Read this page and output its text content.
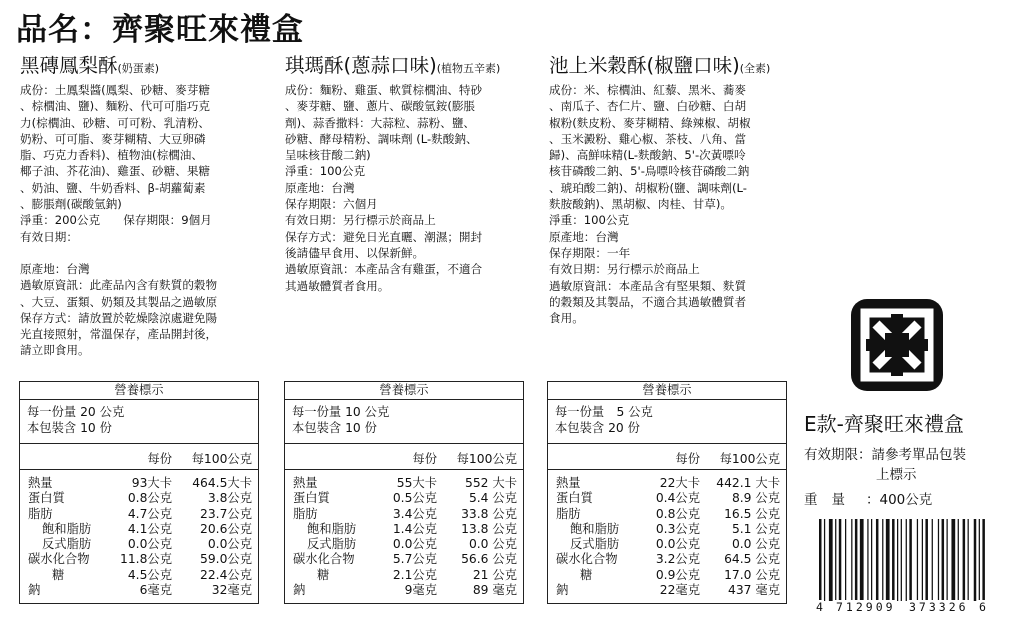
品名：齊聚旺來禮盒
黑磚鳳梨酥(奶蛋素)
成份：土鳳梨醬(鳳梨、砂糖、麥芽糖
、棕櫚油、鹽)、麵粉、代可可脂巧克
力(棕櫚油、砂糖、可可粉、乳清粉、
奶粉、可可脂、麥芽糊精、大豆卵磷
脂、巧克力香料)、植物油(棕櫚油、
椰子油、芥花油)、雞蛋、砂糖、果糖
、奶油、鹽、牛奶香料、β-胡蘿蔔素
、膨脹劑(碳酸氫鈉)
淨重：200公克　　保存期限：9個月
有效日期：
原產地：台灣
過敏原資訊：此產品內含有麩質的穀物
、大豆、蛋類、奶類及其製品之過敏原
保存方式：請放置於乾燥陰涼處避免陽
光直接照射，常溫保存，產品開封後，
請立即食用。
琪瑪酥(蔥蒜口味)(植物五辛素)
成份：麵粉、雞蛋、軟質棕櫚油、特砂
、麥芽糖、鹽、蔥片、碳酸氫銨(膨脹
劑)、蒜香撒料：大蒜粒、蒜粉、鹽、
砂糖、酵母精粉、調味劑 (L-麩酸鈉、
呈味核苷酸二鈉)
淨重：100公克
原產地：台灣
保存期限：六個月
有效日期：另行標示於商品上
保存方式：避免日光直曬、潮濕；開封
後請儘早食用、以保新鮮。
過敏原資訊：本產品含有雞蛋，不適合
其過敏體質者食用。
池上米穀酥(椒鹽口味)(全素)
成份：米、棕櫚油、紅藜、黑米、蕎麥
、南瓜子、杏仁片、鹽、白砂糖、白胡
椒粉(麩皮粉、麥芽糊精、綠辣椒、胡椒
、玉米澱粉、雞心椒、茶枝、八角、當
歸)、高鮮味精(L-麩酸鈉、5'-次黃嘌呤
核苷磷酸二鈉、5'-鳥嘌呤核苷磷酸二鈉
、琥珀酸二鈉)、胡椒粉(鹽、調味劑(L-
麩胺酸鈉)、黑胡椒、肉桂、甘草)。
淨重：100公克
原產地：台灣
保存期限：一年
有效日期：另行標示於商品上
過敏原資訊：本產品含有堅果類、麩質
的穀類及其製品，不適合其過敏體質者
食用。
營養標示
每一份量 20 公克
本包裝含 10 份
每份 每100公克
熱量	93大卡 464.5大卡
蛋白質	0.8公克	3.8公克
脂肪	4.7公克 23.7公克
飽和脂肪	4.1公克 20.6公克
反式脂肪	0.0公克	0.0公克
碳水化合物 11.8公克 59.0公克
糖	4.5公克 22.4公克
鈉	6毫克	32毫克
營養標示
每一份量 10 公克
本包裝含 10 份
每份 每100公克
熱量	55大卡 552 大卡
蛋白質	0.5公克	5.4 公克
脂肪	3.4公克 33.8 公克
飽和脂肪	1.4公克 13.8 公克
反式脂肪	0.0公克	0.0 公克
碳水化合物	5.7公克 56.6 公克
糖	2.1公克	21 公克
鈉	9毫克	89 毫克
營養標示
每一份量　5 公克
本包裝含 20 份
每份 每100公克
熱量	22大卡 442.1 大卡
蛋白質	0.4公克	8.9 公克
脂肪	0.8公克 16.5 公克
飽和脂肪	0.3公克	5.1 公克
反式脂肪	0.0公克	0.0 公克
碳水化合物	3.2公克 64.5 公克
糖	0.9公克 17.0 公克
鈉	22毫克 437 毫克
E款-齊聚旺來禮盒
有效期限：請參考單品包裝
上標示
重量 ：400公克
4 712909 373326 6
